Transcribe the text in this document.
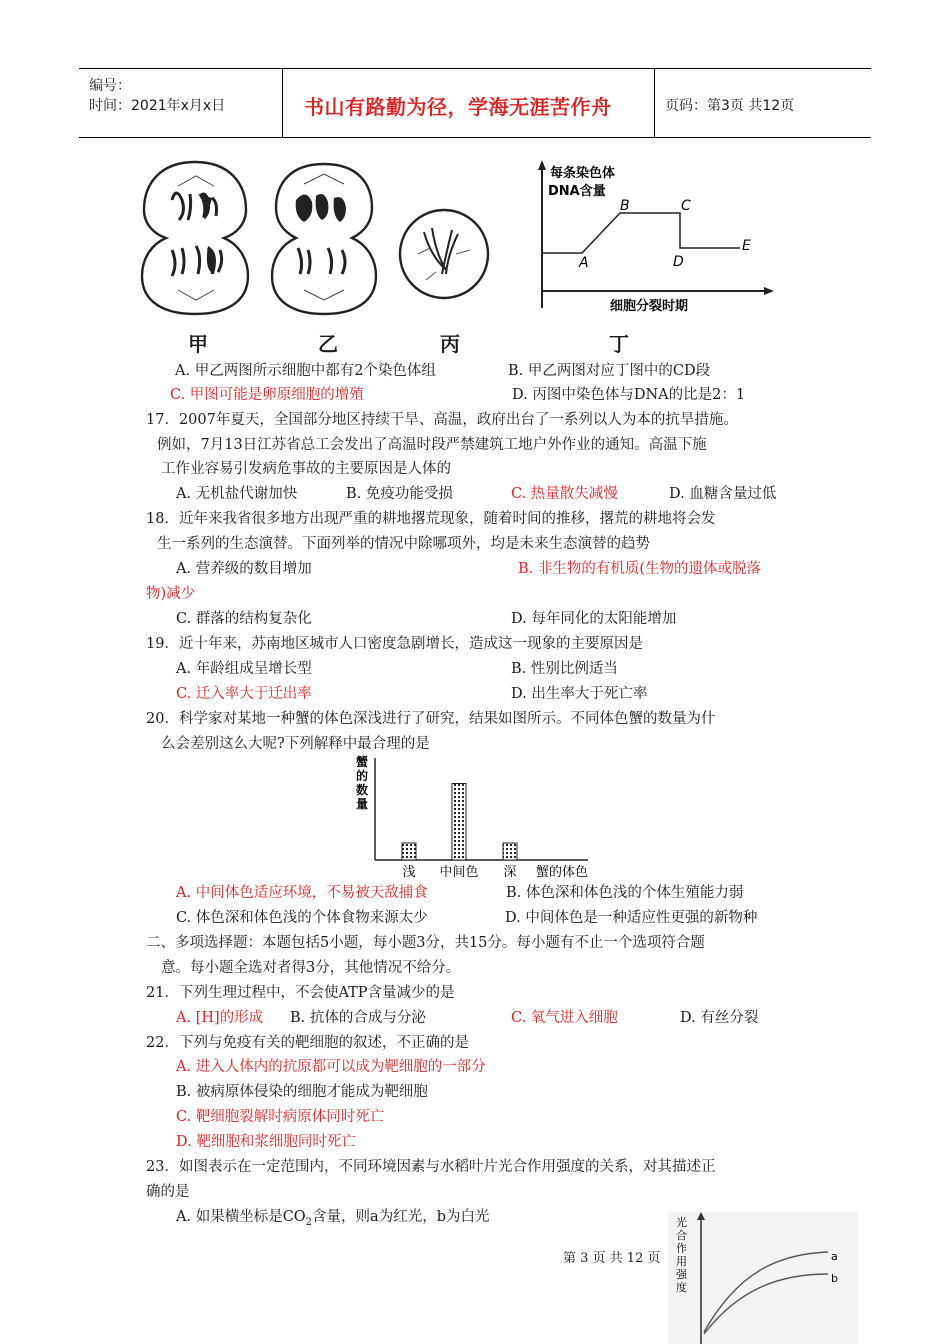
编号：
时间：2021年x月x日	书山有路勤为径，学海无涯苦作舟	页码：第3页 共12页
甲	乙	丙
每条染色体
DNA含量
细胞分裂时期
A
B	C
D
E
丁
A. 甲乙两图所示细胞中都有2个染色体组	B. 甲乙两图对应丁图中的CD段
C. 甲图可能是卵原细胞的增殖	D. 丙图中染色体与DNA的比是2：1
17．2007年夏天，全国部分地区持续干旱、高温，政府出台了一系列以人为本的抗旱措施。
例如，7月13日江苏省总工会发出了高温时段严禁建筑工地户外作业的通知。高温下施
工作业容易引发病危事故的主要原因是人体的
A. 无机盐代谢加快	B. 免疫功能受损	C. 热量散失减慢	D. 血糖含量过低
18．近年来我省很多地方出现严重的耕地撂荒现象，随着时间的推移，撂荒的耕地将会发
生一系列的生态演替。下面列举的情况中除哪项外，均是未来生态演替的趋势
A. 营养级的数目增加	B. 非生物的有机质(生物的遗体或脱落
物)减少
C. 群落的结构复杂化	D. 每年同化的太阳能增加
19．近十年来，苏南地区城市人口密度急剧增长，造成这一现象的主要原因是
A. 年龄组成呈增长型	B. 性别比例适当
C. 迁入率大于迁出率	D. 出生率大于死亡率
20．科学家对某地一种蟹的体色深浅进行了研究，结果如图所示。不同体色蟹的数量为什
么会差别这么大呢?下列解释中最合理的是
蟹
的
数
量
浅 中间色 深 蟹的体色
A. 中间体色适应环境，不易被天敌捕食	B. 体色深和体色浅的个体生殖能力弱
C. 体色深和体色浅的个体食物来源太少	D. 中间体色是一种适应性更强的新物种
二、多项选择题：本题包括5小题，每小题3分，共15分。每小题有不止一个选项符合题
意。每小题全选对者得3分，其他情况不给分。
21．下列生理过程中，不会使ATP含量减少的是
A. [H]的形成 B. 抗体的合成与分泌	C. 氧气进入细胞	D. 有丝分裂
22．下列与免疫有关的靶细胞的叙述，不正确的是
A. 进入人体内的抗原都可以成为靶细胞的一部分
B. 被病原体侵染的细胞才能成为靶细胞
C. 靶细胞裂解时病原体同时死亡
D. 靶细胞和浆细胞同时死亡
23．如图表示在一定范围内，不同环境因素与水稻叶片光合作用强度的关系，对其描述正
确的是
A. 如果横坐标是$CO_2$含量，则a为红光，b为白光	光
合
作
用
强
度
a
b
第 3 页 共 12 页
